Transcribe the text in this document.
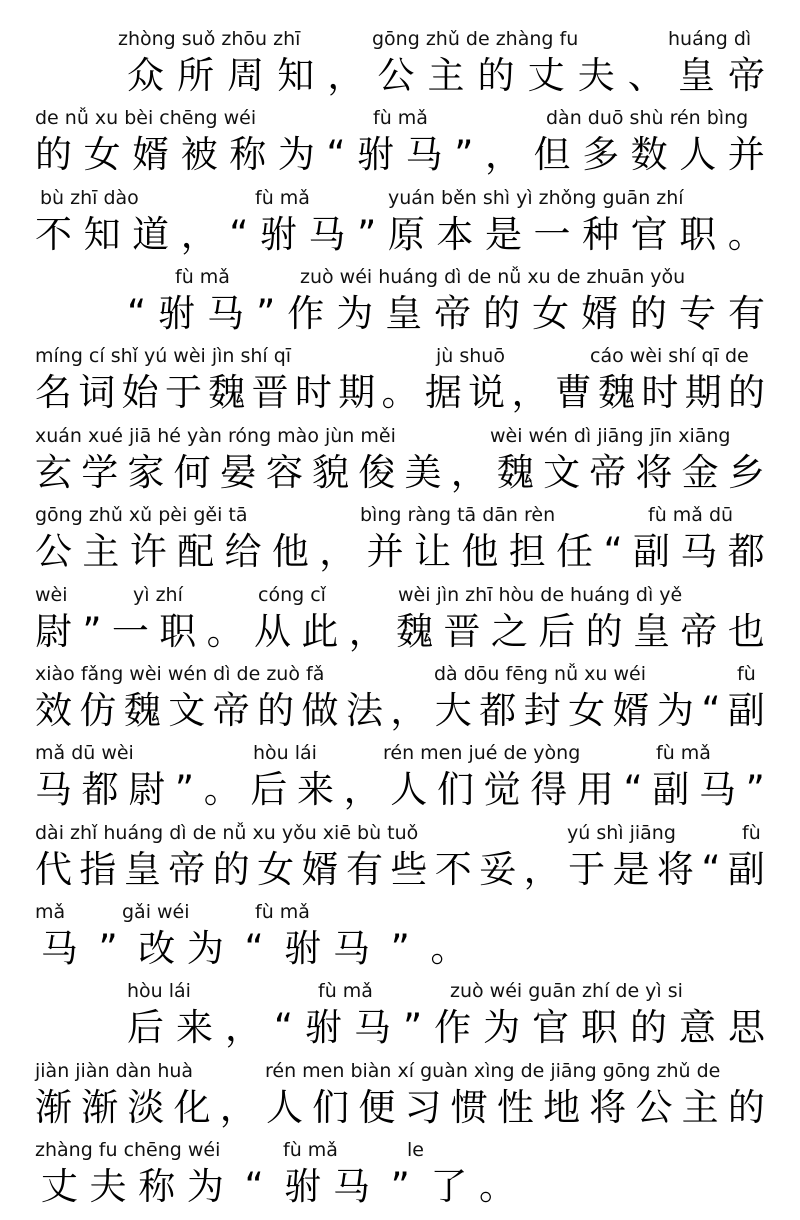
zhòng suǒ zhōu zhī	gōng zhǔ de zhàng fu	huáng dì
众 所 周 知 ， 公 主 的 丈 夫 、 皇 帝
de nǚ xu bèi chēng wéi	fù mǎ	dàn duō shù rén bìng
的 女 婿 被 称 为 “ 驸 马 ” ， 但 多 数 人 并
bù zhī dào	fù mǎ	yuán běn shì yì zhǒng guān zhí
不 知 道 ， “ 驸 马 ” 原 本 是 一 种 官 职 。
fù mǎ	zuò wéi huáng dì de nǚ xu de zhuān yǒu
“ 驸 马 ” 作 为 皇 帝 的 女 婿 的 专 有
míng cí shǐ yú wèi jìn shí qī	jù shuō	cáo wèi shí qī de
名 词 始 于 魏 晋 时 期 。 据 说 ， 曹 魏 时 期 的
xuán xué jiā hé yàn róng mào jùn měi	wèi wén dì jiāng jīn xiāng
玄 学 家 何 晏 容 貌 俊 美 ， 魏 文 帝 将 金 乡
gōng zhǔ xǔ pèi gěi tā	bìng ràng tā dān rèn	fù mǎ dū
公 主 许 配 给 他 ， 并 让 他 担 任 “ 副 马 都
wèi	yì zhí	cóng cǐ	wèi jìn zhī hòu de huáng dì yě
尉 ” 一 职 。 从 此 ， 魏 晋 之 后 的 皇 帝 也
xiào fǎng wèi wén dì de zuò fǎ	dà dōu fēng nǚ xu wéi	fù
效 仿 魏 文 帝 的 做 法 ， 大 都 封 女 婿 为 “ 副
mǎ dū wèi	hòu lái	rén men jué de yòng	fù mǎ
马 都 尉 ” 。 后 来 ， 人 们 觉 得 用 “ 副 马 ”
dài zhǐ huáng dì de nǚ xu yǒu xiē bù tuǒ	yú shì jiāng	fù
代 指 皇 帝 的 女 婿 有 些 不 妥 ， 于 是 将 “ 副
mǎ	gǎi wéi	fù mǎ
马 ” 改 为 “ 驸 马 ” 。
hòu lái	fù mǎ	zuò wéi guān zhí de yì si
后 来 ， “ 驸 马 ” 作 为 官 职 的 意 思
jiàn jiàn dàn huà	rén men biàn xí guàn xìng de jiāng gōng zhǔ de
渐 渐 淡 化 ， 人 们 便 习 惯 性 地 将 公 主 的
zhàng fu chēng wéi	fù mǎ	le
丈 夫 称 为 “ 驸 马 ” 了 。
